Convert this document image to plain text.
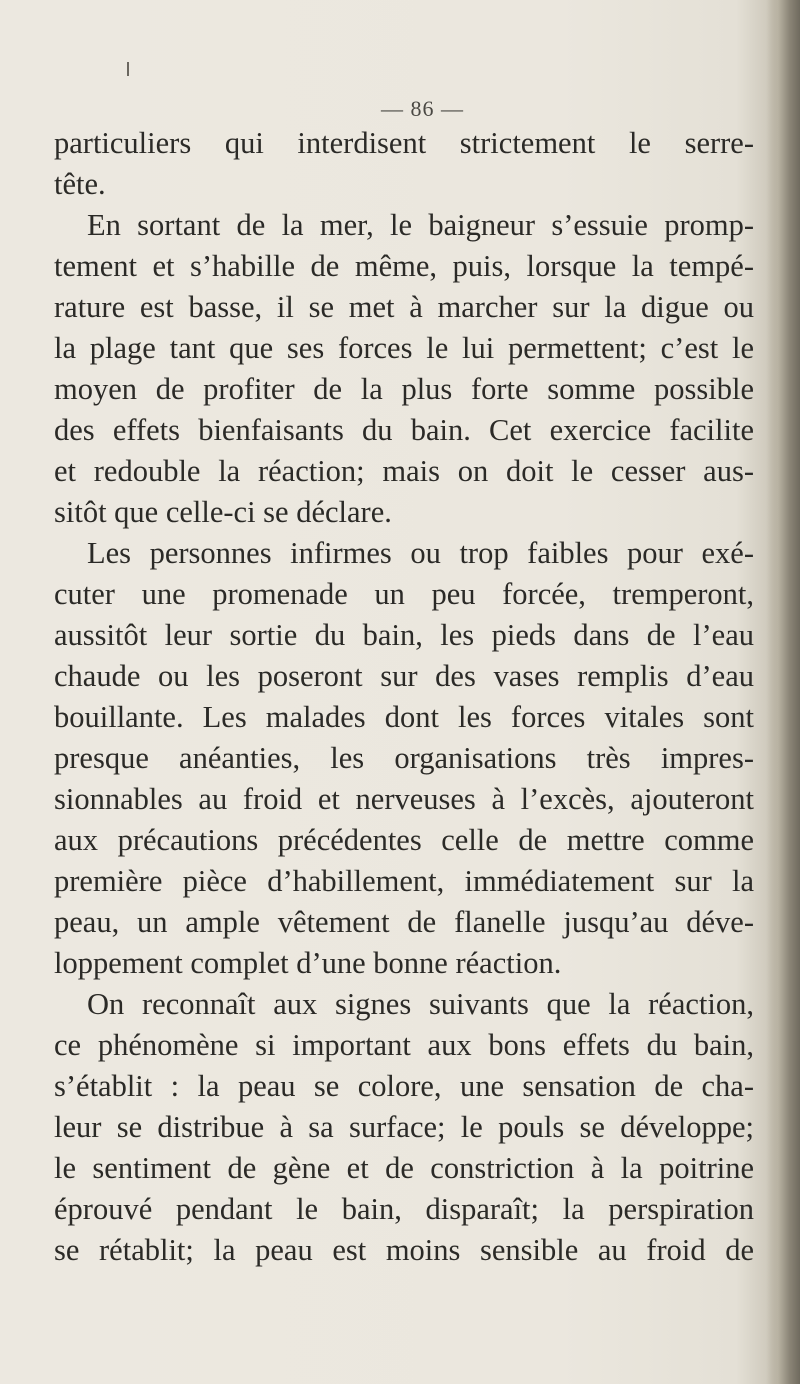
— 86 —
particuliers qui interdisent strictement le serre-
tête.
En sortant de la mer, le baigneur s’essuie promp-
tement et s’habille de même, puis, lorsque la tempé-
rature est basse, il se met à marcher sur la digue ou
la plage tant que ses forces le lui permettent; c’est le
moyen de profiter de la plus forte somme possible
des effets bienfaisants du bain. Cet exercice facilite
et redouble la réaction; mais on doit le cesser aus-
sitôt que celle-ci se déclare.
Les personnes infirmes ou trop faibles pour exé-
cuter une promenade un peu forcée, tremperont,
aussitôt leur sortie du bain, les pieds dans de l’eau
chaude ou les poseront sur des vases remplis d’eau
bouillante. Les malades dont les forces vitales sont
presque anéanties, les organisations très impres-
sionnables au froid et nerveuses à l’excès, ajouteront
aux précautions précédentes celle de mettre comme
première pièce d’habillement, immédiatement sur la
peau, un ample vêtement de flanelle jusqu’au déve-
loppement complet d’une bonne réaction.
On reconnaît aux signes suivants que la réaction,
ce phénomène si important aux bons effets du bain,
s’établit : la peau se colore, une sensation de cha-
leur se distribue à sa surface; le pouls se développe;
le sentiment de gène et de constriction à la poitrine
éprouvé pendant le bain, disparaît; la perspiration
se rétablit; la peau est moins sensible au froid de
